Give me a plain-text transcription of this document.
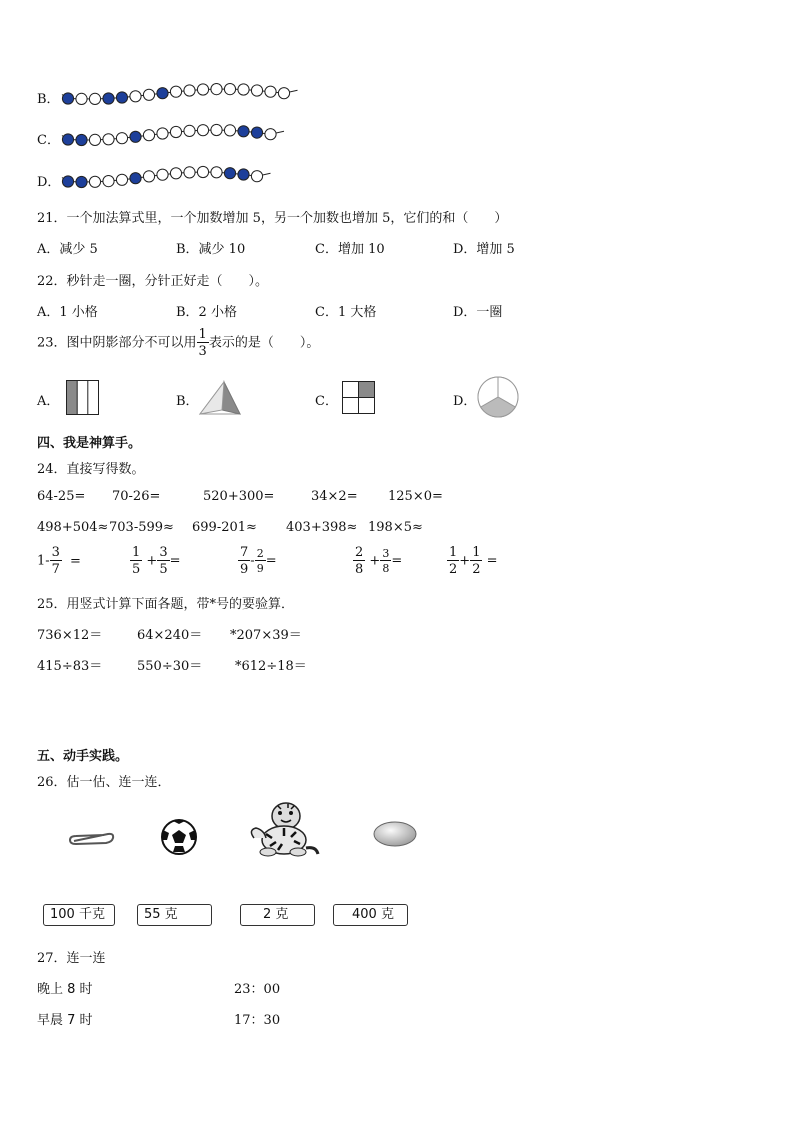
B．
C．
D．
21．一个加法算式里，一个加数增加 5，另一个加数也增加 5，它们的和（　　）
A．减少 5	B．减少 10	C．增加 10	D．增加 5
22．秒针走一圈，分针正好走（　　）。
A．1 小格	B．2 小格	C．1 大格	D．一圈
23．图中阴影部分不可以用 $\frac{1}{3}$ 表示的是（　　）。
A．	B．	C．	D．
四、我是神算手。
24．直接写得数。
64-25= 70-26=	520+300=	34×2= 125×0=
498+504≈ 703-599≈ 699-201≈ 403+398≈ 198×5≈
$1- \frac{3}{7}$ =	$\frac{1}{5} + \frac{3}{5}$ =	$\frac{7}{9} - \frac{2}{9}$ =	$\frac{2}{8} + \frac{3}{8}$ =	$\frac{1}{2} + \frac{1}{2}$ =
25．用竖式计算下面各题，带*号的要验算．
736×12＝	64×240＝ *207×39＝
415÷83＝	550÷30＝	*612÷18＝
五、动手实践。
26．估一估、连一连．
100 千克	55 克	2 克	400 克
27．连一连
晚上 8 时	23：00
早晨 7 时	17：30
